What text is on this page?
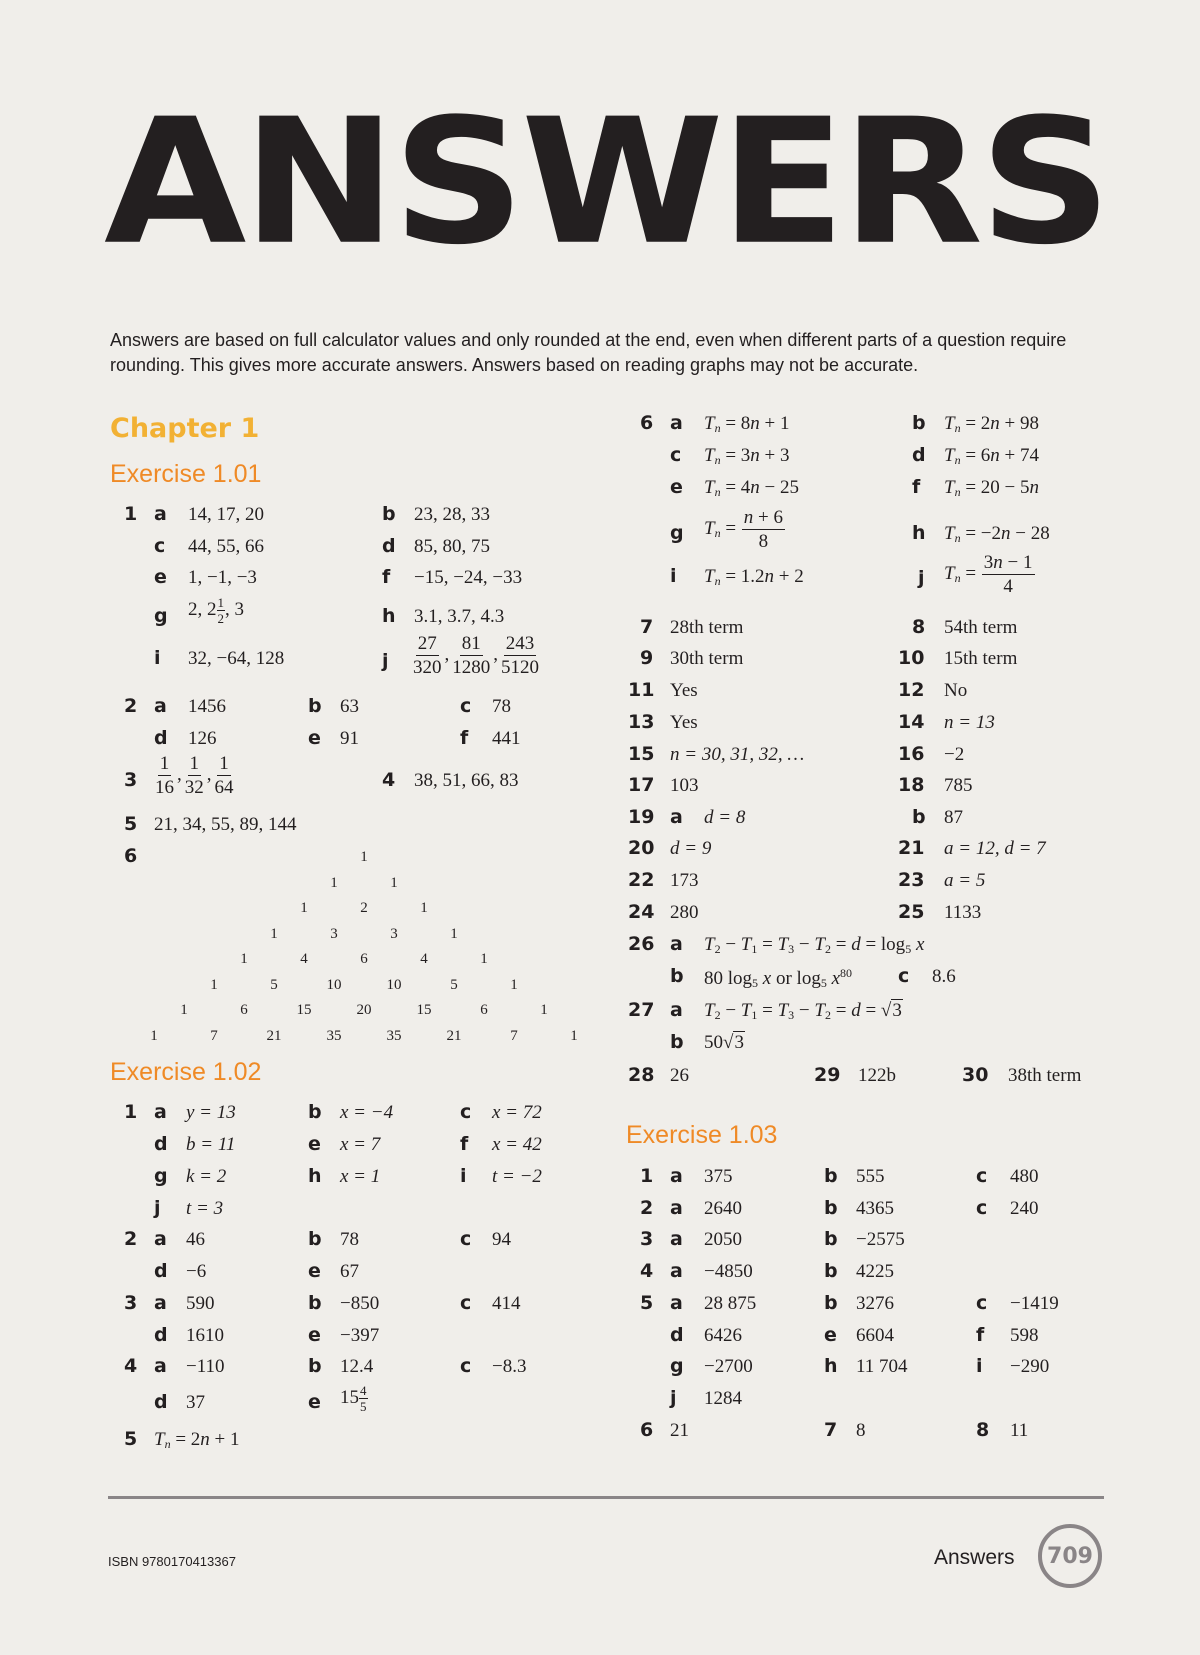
ANSWERS
Answers are based on full calculator values and only rounded at the end, even when different parts of a question require rounding. This gives more accurate answers. Answers based on reading graphs may not be accurate.
Chapter 1
Exercise 1.01
1 a 14, 17, 20	b 23, 28, 33
c 44, 55, 66	d 85, 80, 75
e 1, −1, −3	f −15, −24, −33
g 2, $2 \frac{1}{2}$ , 3	h 3.1, 3.7, 4.3
i 32, −64, 128	j $\frac{27}{320}$ , $\frac{81}{1280}$ , $\frac{243}{5120}$
2 a 1456	b 63	c 78
d 126	e 91	f 441
$3 \frac{1}{16}$ , $\frac{1}{32}$ , $\frac{1}{64}$	4 38, 51, 66, 83
5 21, 34, 55, 89, 144
6	1
1	1
1	2	1
1	3	3	1
1	4	6	4	1
1	5	10	10	5	1
1	6	15	20	15	6	1
1	7	21	35	35	21	7	1
Exercise 1.02
1 a y = 13	b x = −4	c x = 72
d b = 11	e x = 7	f x = 42
g k = 2	h x = 1	i t = −2
j t = 3
2 a 46	b 78	c 94
d −6	e 67
3 a 590	b −850	c 414
d 1610	e −397
4 a −110	b 12.4	c −8.3
d 37	e $15 \frac{4}{5}$
5 $T_n = 2n + 1$
6 a $T_n = 8n + 1$	b $T_n = 2n + 98$
c $T_n = 3n + 3$	d $T_n = 6n + 74$
e $T_n = 4n - 25$	f $T_n = 20 - 5n$
g $T_n = \frac{n + 6}{8}$	h $T_n = -2n - 28$
i $T_n = 1.2n + 2$	j $T_n = \frac{3n - 1}{4}$
7 28th term	8 54th term
9 30th term	10 15th term
11 Yes	12 No
13 Yes	14 n = 13
15 n = 30, 31, 32, …	16 −2
17 103	18 785
19 a d = 8	b 87
20 d = 9	21 a = 12, d = 7
22 173	23 a = 5
24 280	25 1133
26 a $T_2 - T_1 = T_3 - T_2 = d = \log_5 x$
b 80 $\log_5 x$ or $\log_5 x^{80}$ c 8.6
27 a $T_2 - T_1 = T_3 - T_2 = d = √3$
b 50√3
28 26	29 122b	30 38th term
Exercise 1.03
1 a 375	b 555	c 480
2 a 2640	b 4365	c 240
3 a 2050	b −2575
4 a −4850	b 4225
5 a 28 875	b 3276	c −1419
d 6426	e 6604	f 598
g −2700	h 11 704	i −290
j 1284
6 21	7 8	8 11
ISBN 9780170413367	Answers 709
